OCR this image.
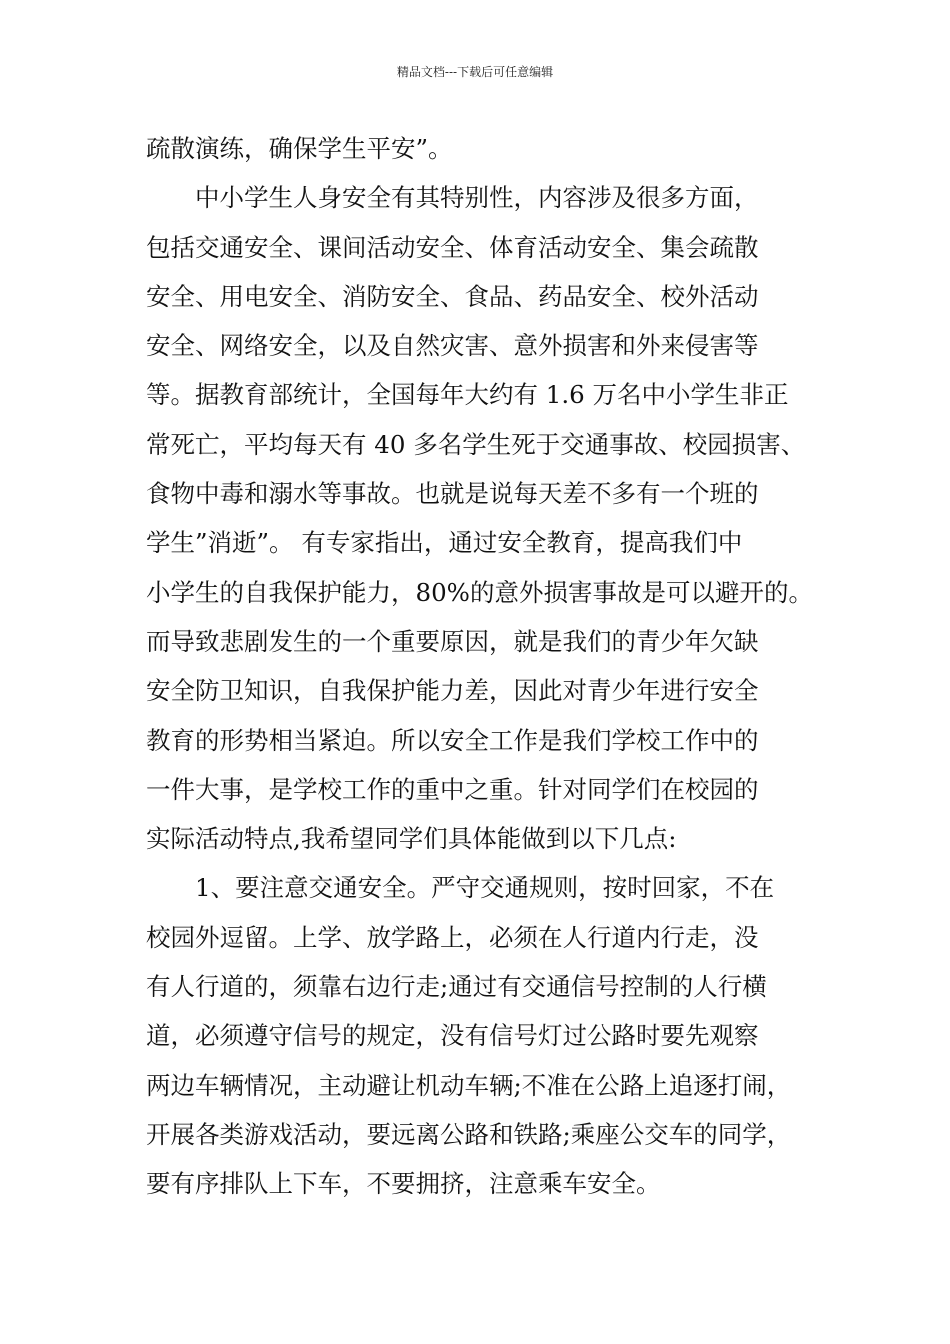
精品文档---下载后可任意编辑
疏散演练，确保学生平安”。
中小学生人身安全有其特别性，内容涉及很多方面，
包括交通安全、课间活动安全、体育活动安全、集会疏散
安全、用电安全、消防安全、食品、药品安全、校外活动
安全、网络安全，以及自然灾害、意外损害和外来侵害等
等。据教育部统计，全国每年大约有 1.6 万名中小学生非正
常死亡，平均每天有 40 多名学生死于交通事故、校园损害、
食物中毒和溺水等事故。也就是说每天差不多有一个班的
学生”消逝”。 有专家指出，通过安全教育，提高我们中
小学生的自我保护能力，80%的意外损害事故是可以避开的。
而导致悲剧发生的一个重要原因，就是我们的青少年欠缺
安全防卫知识，自我保护能力差，因此对青少年进行安全
教育的形势相当紧迫。所以安全工作是我们学校工作中的
一件大事，是学校工作的重中之重。针对同学们在校园的
实际活动特点,我希望同学们具体能做到以下几点:
1、要注意交通安全。严守交通规则，按时回家，不在
校园外逗留。上学、放学路上，必须在人行道内行走，没
有人行道的，须靠右边行走;通过有交通信号控制的人行横
道，必须遵守信号的规定，没有信号灯过公路时要先观察
两边车辆情况，主动避让机动车辆;不准在公路上追逐打闹，
开展各类游戏活动，要远离公路和铁路;乘座公交车的同学，
要有序排队上下车，不要拥挤，注意乘车安全。
